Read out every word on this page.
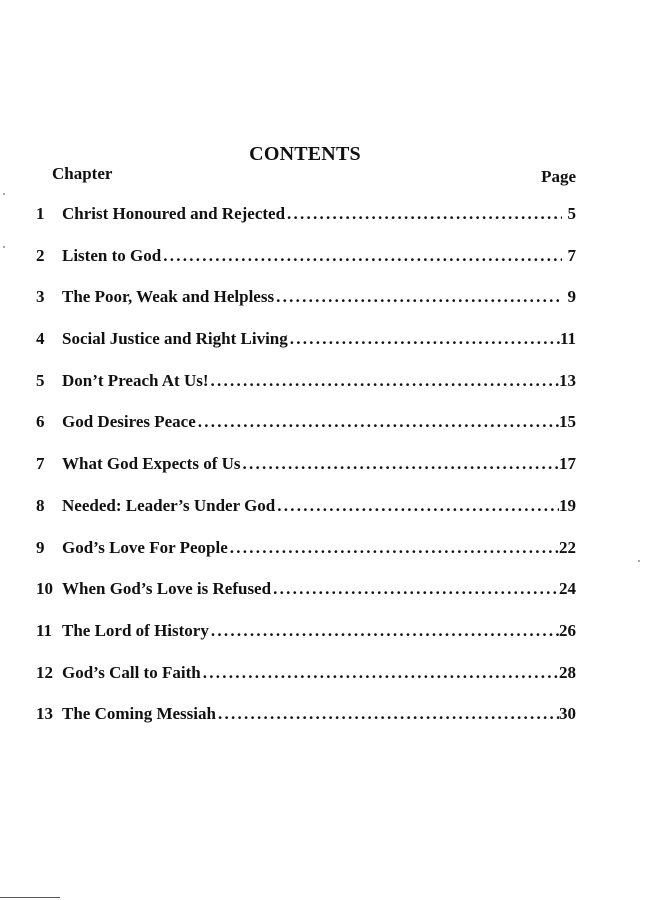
CONTENTS
Chapter	Page
1	Christ Honoured and Rejected . . .	5
2	Listen to God . . .	7
3	The Poor, Weak and Helpless . . .	9
4	Social Justice and Right Living . . .	11
5	Don’t Preach At Us! . . .	13
6	God Desires Peace . . .	15
7	What God Expects of Us . . .	17
8	Needed: Leader’s Under God . . .	19
9	God’s Love For People . . .	22
10 When God’s Love is Refused . . .	24
11 The Lord of History . . .	26
12 God’s Call to Faith . . .	28
13 The Coming Messiah . . .	30
